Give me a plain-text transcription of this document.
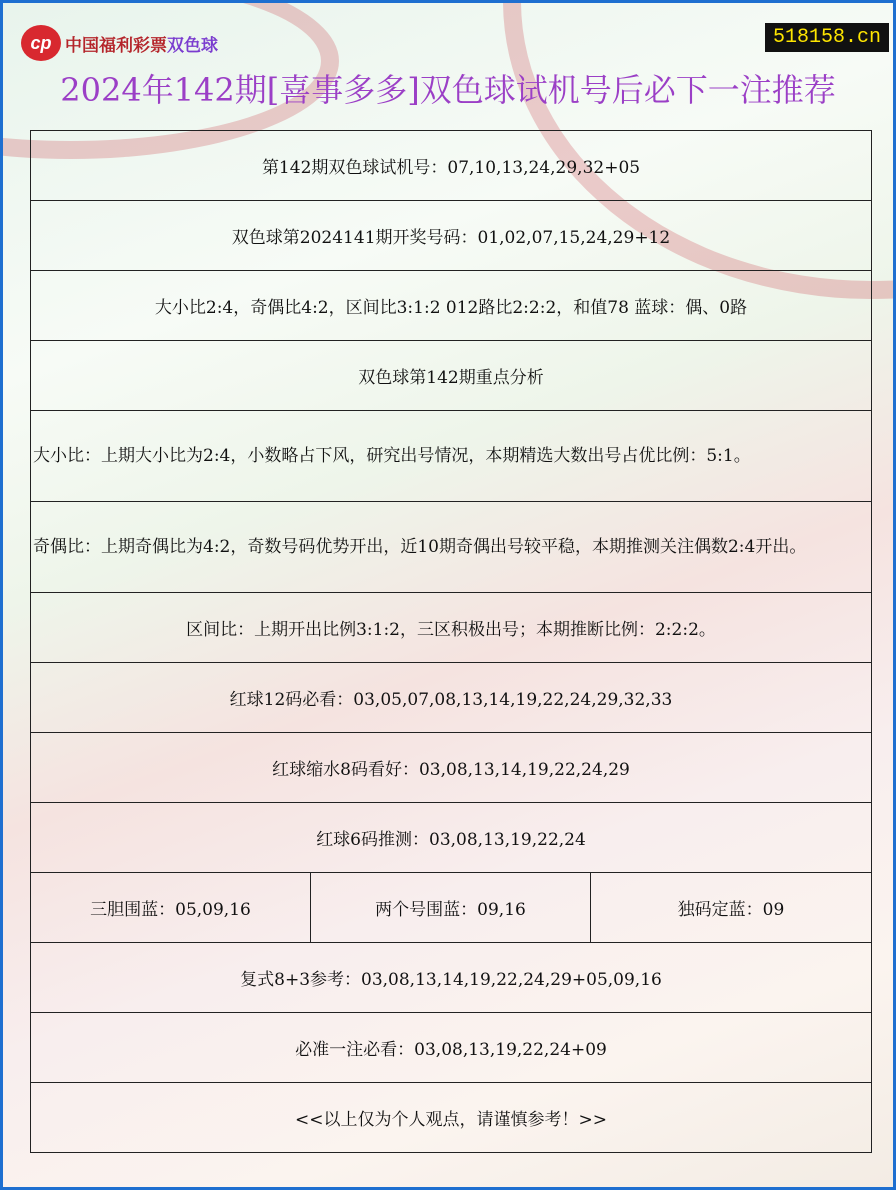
cp 中国福利彩票双色球	518158.cn
2024年142期[喜事多多]双色球试机号后必下一注推荐
第142期双色球试机号：07,10,13,24,29,32+05
双色球第2024141期开奖号码：01,02,07,15,24,29+12
大小比2:4，奇偶比4:2，区间比3:1:2 012路比2:2:2，和值78 蓝球：偶、0路
双色球第142期重点分析
大小比：上期大小比为2:4，小数略占下风，研究出号情况，本期精选大数出号占优比例：5:1。
奇偶比：上期奇偶比为4:2，奇数号码优势开出，近10期奇偶出号较平稳，本期推测关注偶数2:4开出。
区间比：上期开出比例3:1:2，三区积极出号；本期推断比例：2:2:2。
红球12码必看：03,05,07,08,13,14,19,22,24,29,32,33
红球缩水8码看好：03,08,13,14,19,22,24,29
红球6码推测：03,08,13,19,22,24
三胆围蓝：05,09,16	两个号围蓝：09,16	独码定蓝：09
复式8+3参考：03,08,13,14,19,22,24,29+05,09,16
必准一注必看：03,08,13,19,22,24+09
<<以上仅为个人观点，请谨慎参考！>>
